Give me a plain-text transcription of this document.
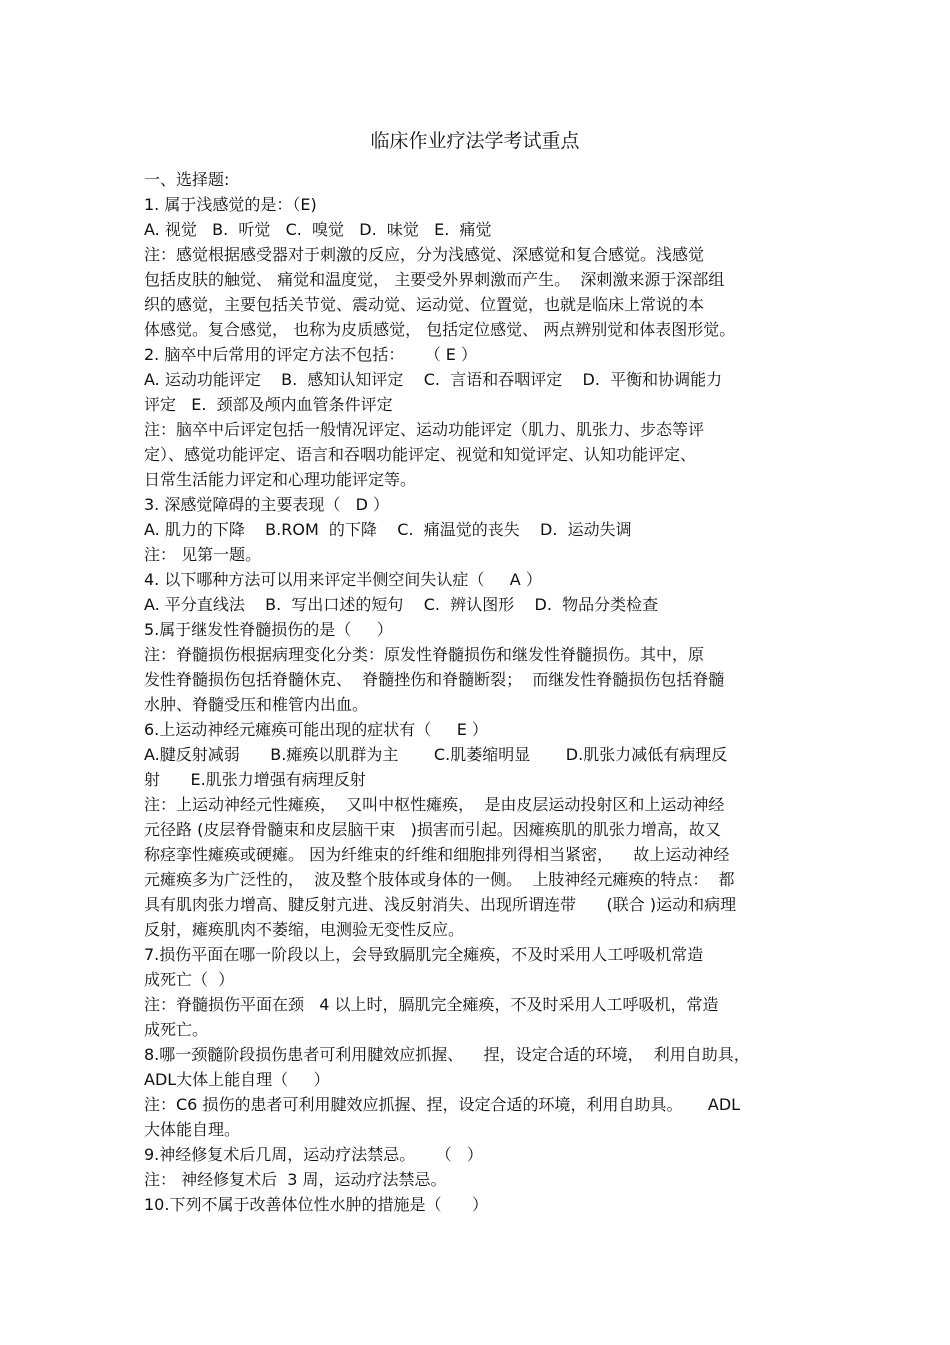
临床作业疗法学考试重点
一、选择题:
1. 属于浅感觉的是：（E)
A. 视觉   B.  听觉   C.  嗅觉   D.  味觉   E.  痛觉
注：感觉根据感受器对于刺激的反应，分为浅感觉、深感觉和复合感觉。浅感觉
包括皮肤的触觉、 痛觉和温度觉， 主要受外界刺激而产生。  深刺激来源于深部组
织的感觉，主要包括关节觉、震动觉、运动觉、位置觉，也就是临床上常说的本
体感觉。复合感觉， 也称为皮质感觉， 包括定位感觉、 两点辨别觉和体表图形觉。
2. 脑卒中后常用的评定方法不包括：    （ E ）
A. 运动功能评定    B.  感知认知评定    C.  言语和吞咽评定    D.  平衡和协调能力
评定   E.  颈部及颅内血管条件评定
注：脑卒中后评定包括一般情况评定、运动功能评定（肌力、肌张力、步态等评
定）、感觉功能评定、语言和吞咽功能评定、视觉和知觉评定、认知功能评定、
日常生活能力评定和心理功能评定等。
3. 深感觉障碍的主要表现（   D ）
A. 肌力的下降    B.ROM  的下降    C.  痛温觉的丧失    D.  运动失调
注： 见第一题。
4. 以下哪种方法可以用来评定半侧空间失认症（     A ）
A. 平分直线法    B.  写出口述的短句    C.  辨认图形    D.  物品分类检查
5.属于继发性脊髓损伤的是（     ）
注：脊髓损伤根据病理变化分类：原发性脊髓损伤和继发性脊髓损伤。其中，原
发性脊髓损伤包括脊髓休克、  脊髓挫伤和脊髓断裂；  而继发性脊髓损伤包括脊髓
水肿、脊髓受压和椎管内出血。
6.上运动神经元瘫痪可能出现的症状有（     E ）
A.腱反射减弱      B.瘫痪以肌群为主       C.肌萎缩明显       D.肌张力减低有病理反
射      E.肌张力增强有病理反射
注：上运动神经元性瘫痪，  又叫中枢性瘫痪，  是由皮层运动投射区和上运动神经
元径路 (皮层脊骨髓束和皮层脑干束   )损害而引起。因瘫痪肌的肌张力增高，故又
称痉挛性瘫痪或硬瘫。 因为纤维束的纤维和细胞排列得相当紧密，    故上运动神经
元瘫痪多为广泛性的，  波及整个肢体或身体的一侧。  上肢神经元瘫痪的特点：  都
具有肌肉张力增高、腱反射亢进、浅反射消失、出现所谓连带      (联合 )运动和病理
反射，瘫痪肌肉不萎缩，电测验无变性反应。
7.损伤平面在哪一阶段以上，会导致膈肌完全瘫痪，不及时采用人工呼吸机常造
成死亡（  ）
注：脊髓损伤平面在颈   4 以上时，膈肌完全瘫痪，不及时采用人工呼吸机，常造
成死亡。
8.哪一颈髓阶段损伤患者可利用腱效应抓握、    捏，设定合适的环境，  利用自助具，
ADL大体上能自理（     ）
注：C6 损伤的患者可利用腱效应抓握、捏，设定合适的环境，利用自助具。     ADL
大体能自理。
9.神经修复术后几周，运动疗法禁忌。    （   ）
注： 神经修复术后  3 周，运动疗法禁忌。
10.下列不属于改善体位性水肿的措施是（      ）
